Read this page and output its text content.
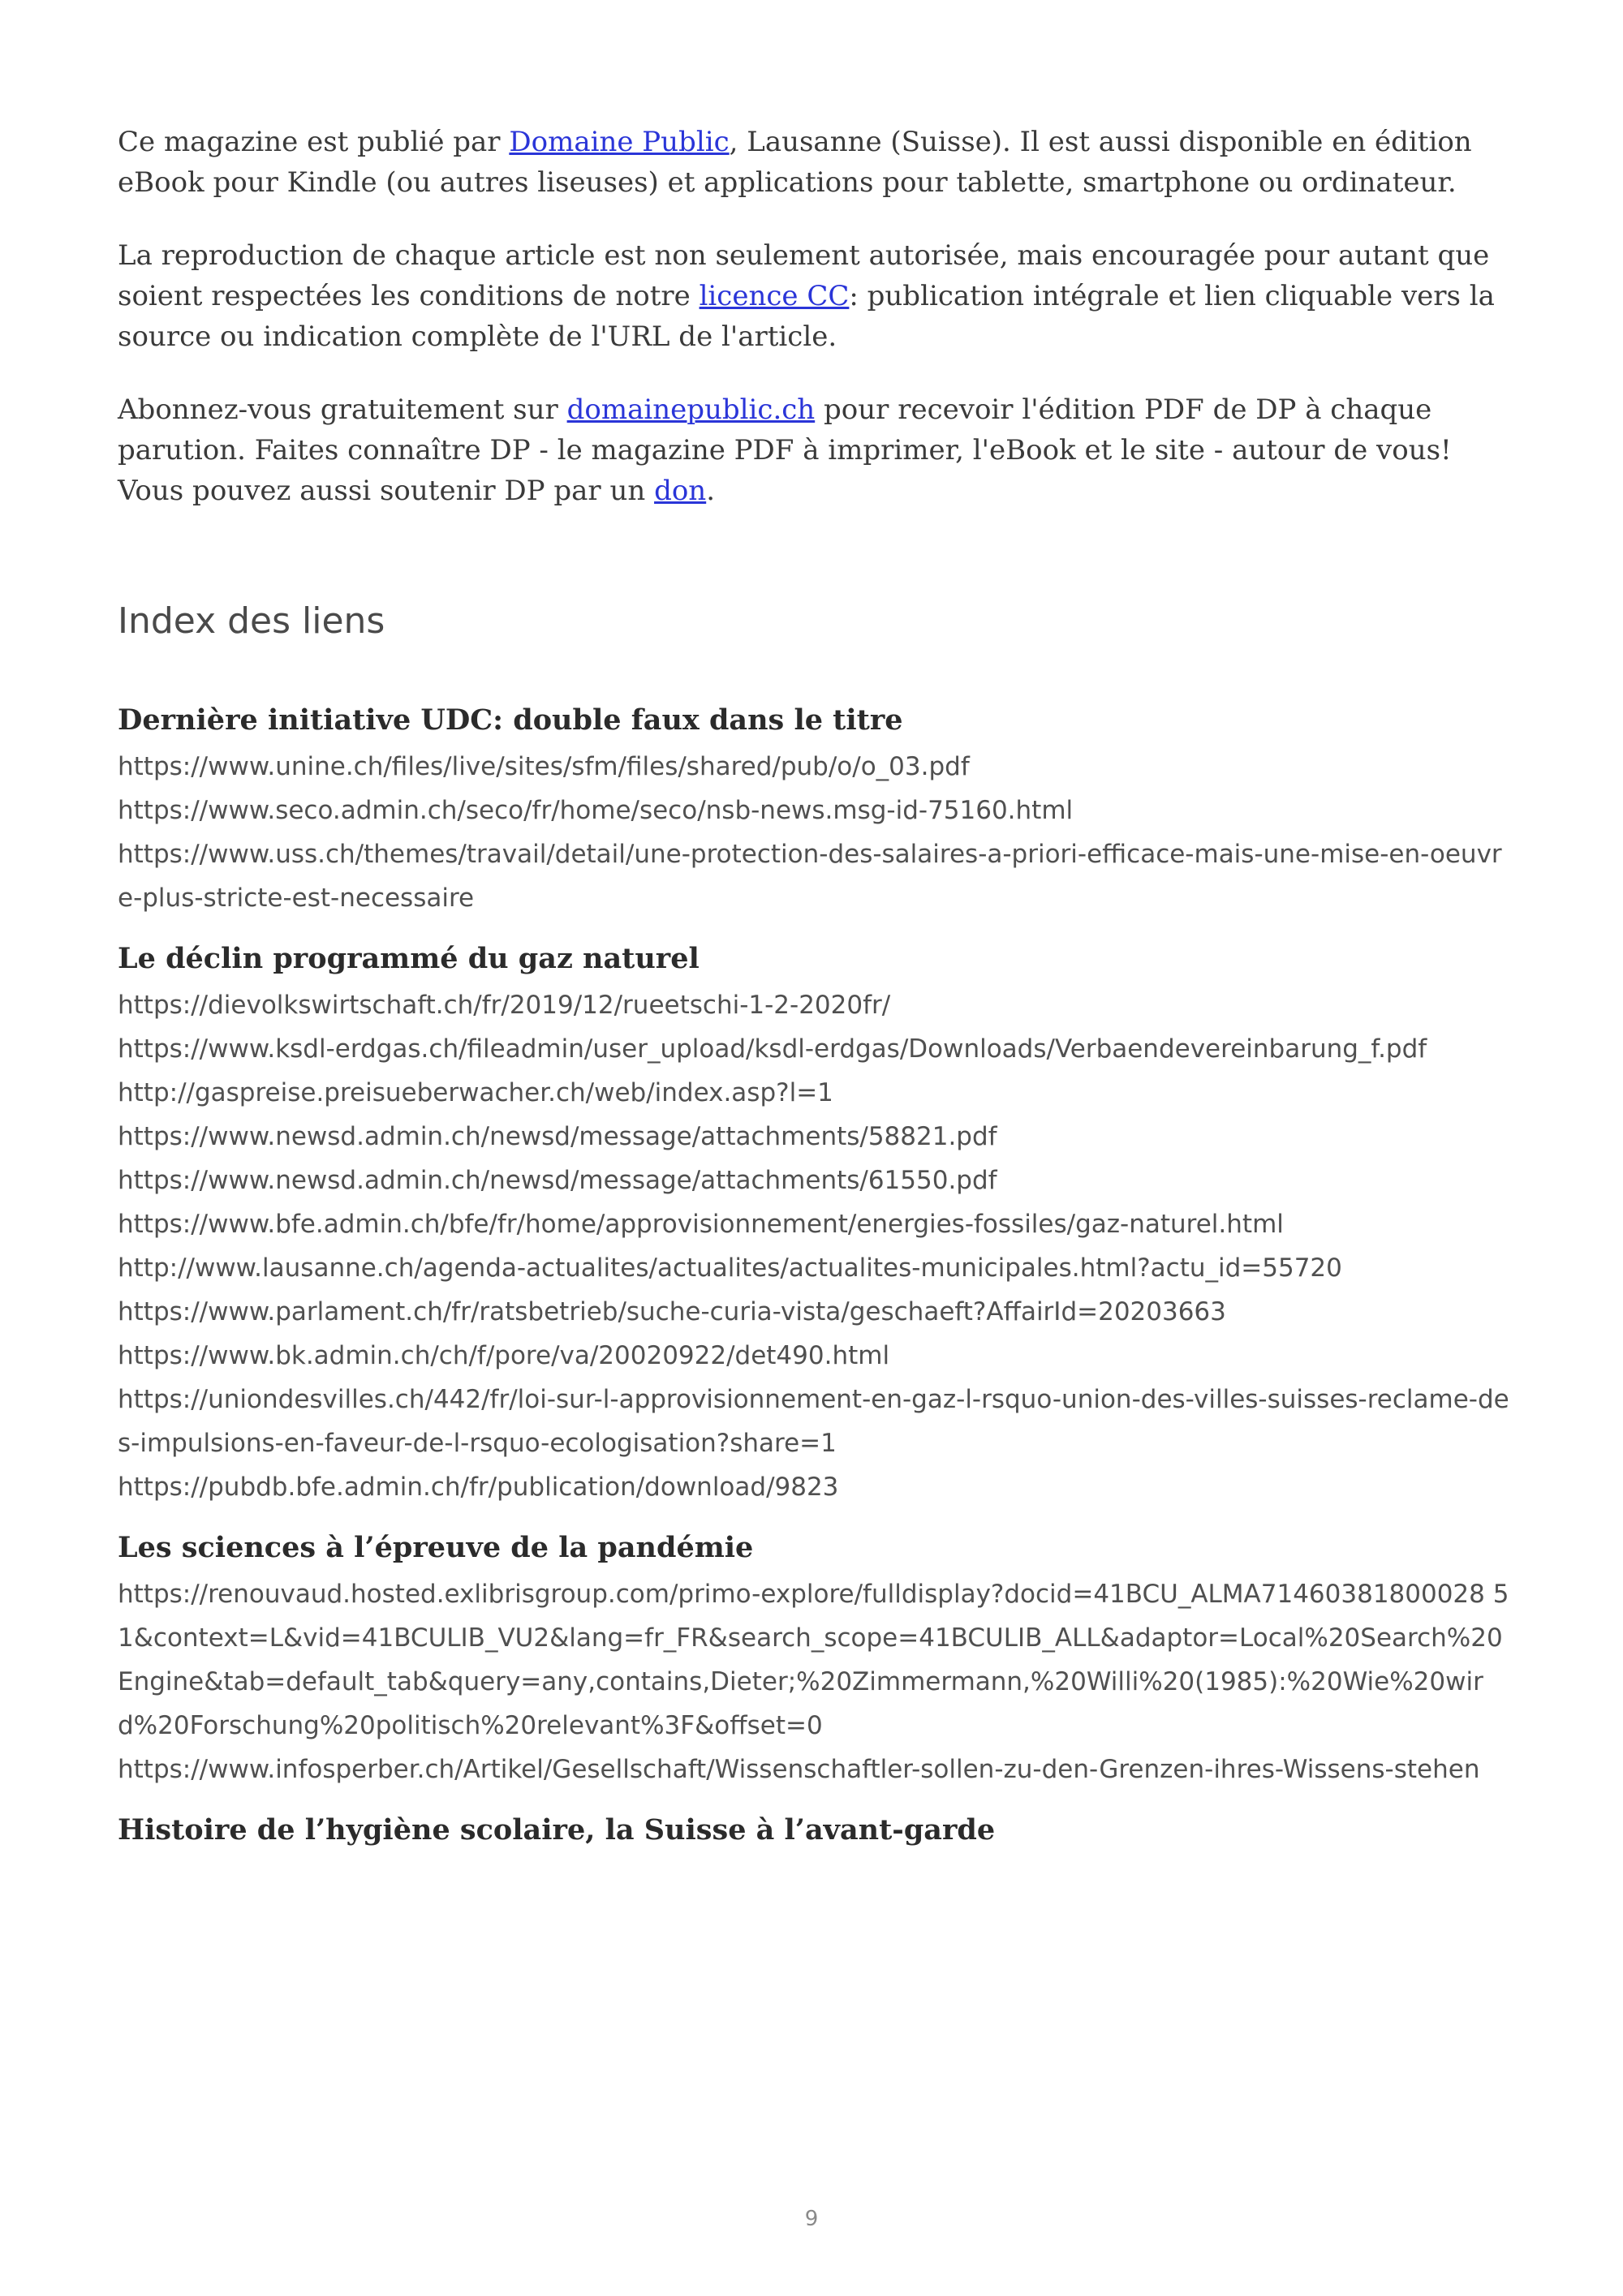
Ce magazine est publié par Domaine Public, Lausanne (Suisse). Il est aussi disponible en édition eBook pour Kindle (ou autres liseuses) et applications pour tablette, smartphone ou ordinateur.

La reproduction de chaque article est non seulement autorisée, mais encouragée pour autant que soient respectées les conditions de notre licence CC: publication intégrale et lien cliquable vers la source ou indication complète de l'URL de l'article.

Abonnez-vous gratuitement sur domainepublic.ch pour recevoir l'édition PDF de DP à chaque parution. Faites connaître DP - le magazine PDF à imprimer, l'eBook et le site - autour de vous! Vous pouvez aussi soutenir DP par un don.

Index des liens
Dernière initiative UDC: double faux dans le titre
https://www.unine.ch/files/live/sites/sfm/files/shared/pub/o/o_03.pdf
https://www.seco.admin.ch/seco/fr/home/seco/nsb-news.msg-id-75160.html
https://www.uss.ch/themes/travail/detail/une-protection-des-salaires-a-priori-efficace-mais-une-mise-en-oeuvre-plus-stricte-est-necessaire
Le déclin programmé du gaz naturel
https://dievolkswirtschaft.ch/fr/2019/12/rueetschi-1-2-2020fr/
https://www.ksdl-erdgas.ch/fileadmin/user_upload/ksdl-erdgas/Downloads/Verbaendevereinbarung_f.pdf
http://gaspreise.preisueberwacher.ch/web/index.asp?l=1
https://www.newsd.admin.ch/newsd/message/attachments/58821.pdf
https://www.newsd.admin.ch/newsd/message/attachments/61550.pdf
https://www.bfe.admin.ch/bfe/fr/home/approvisionnement/energies-fossiles/gaz-naturel.html
http://www.lausanne.ch/agenda-actualites/actualites/actualites-municipales.html?actu_id=55720
https://www.parlament.ch/fr/ratsbetrieb/suche-curia-vista/geschaeft?AffairId=20203663
https://www.bk.admin.ch/ch/f/pore/va/20020922/det490.html
https://uniondesvilles.ch/442/fr/loi-sur-l-approvisionnement-en-gaz-l-rsquo-union-des-villes-suisses-reclame-des-impulsions-en-faveur-de-l-rsquo-ecologisation?share=1
https://pubdb.bfe.admin.ch/fr/publication/download/9823
Les sciences à l’épreuve de la pandémie
https://renouvaud.hosted.exlibrisgroup.com/primo-explore/fulldisplay?docid=41BCU_ALMA71460381800028 51&context=L&vid=41BCULIB_VU2&lang=fr_FR&search_scope=41BCULIB_ALL&adaptor=Local%20Search%20Engine&tab=default_tab&query=any,contains,Dieter;%20Zimmermann,%20Willi%20(1985):%20Wie%20wird%20Forschung%20politisch%20relevant%3F&offset=0
https://www.infosperber.ch/Artikel/Gesellschaft/Wissenschaftler-sollen-zu-den-Grenzen-ihres-Wissens-stehen
Histoire de l’hygiène scolaire, la Suisse à l’avant-garde
9
